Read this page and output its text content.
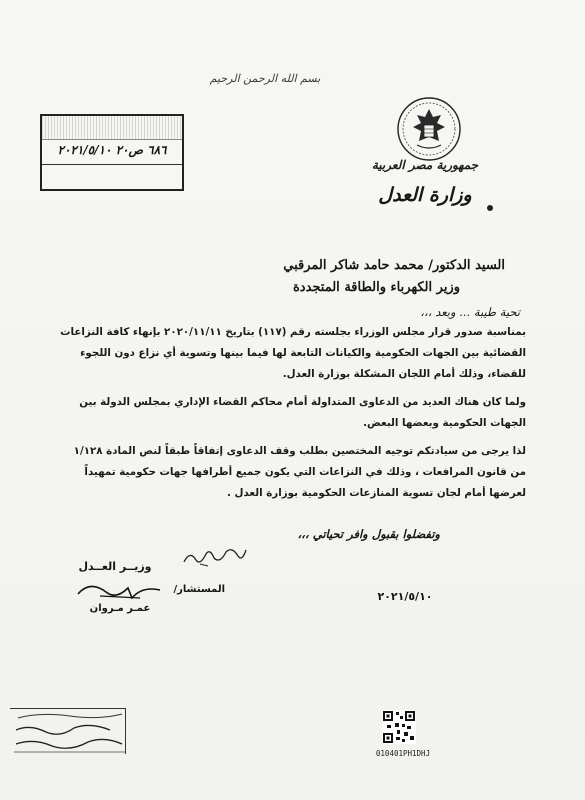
بسم الله الرحمن الرحيم
جمهورية مصر العربية
وزارة العدل
٦٨٦ ص٢٠ ٢٠٢١/٥/١٠
السيد الدكتور/ محمد حامد شاكر المرقبي
وزير الكهرباء والطاقة المتجددة
تحية طيبة ... وبعد ،،،
بمناسبة صدور قرار مجلس الوزراء بجلسته رقم (١١٧) بتاريخ ٢٠٢٠/١١/١١ بإنهاء كافة النزاعات القضائية بين الجهات الحكومية والكيانات التابعة لها فيما بينها وتسوية أي نزاع دون اللجوء للقضاء، وذلك أمام اللجان المشكلة بوزارة العدل.
ولما كان هناك العديد من الدعاوى المتداولة أمام محاكم القضاء الإداري بمجلس الدولة بين الجهات الحكومية وبعضها البعض.
لذا يرجى من سيادتكم توجيه المختصين بطلب وقف الدعاوى إتفاقاً طبقاً لنص المادة ١/١٢٨ من قانون المرافعات ، وذلك في النزاعات التي يكون جميع أطرافها جهات حكومية تمهيداً لعرضها أمام لجان تسوية المنازعات الحكومية بوزارة العدل .
وتفضلوا بقبول وافر تحياتي ،،،
وزيــر العــدل
المستشار/
عمـر مـروان
٢٠٢١/٥/١٠
010401PH1DHJ
